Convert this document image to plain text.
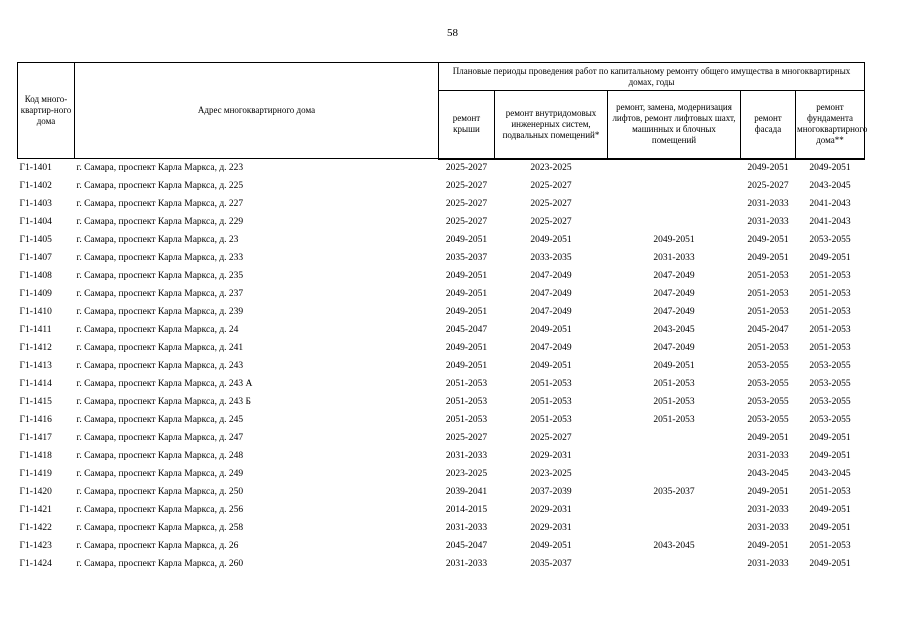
58
Код много-квартир-ного дома	Адрес многоквартирного дома	Плановые периоды проведения работ по капитальному ремонту общего имущества в многоквартирных домах, годы				
		ремонт крыши	ремонт внутридомовых инженерных систем, подвальных помещений*	ремонт, замена, модернизация лифтов, ремонт лифтовых шахт, машинных и блочных помещений	ремонт фасада	ремонт фундамента многоквартирного дома**
Г1-1401	г. Самара, проспект Карла Маркса, д. 223	2025-2027	2023-2025		2049-2051	2049-2051
Г1-1402	г. Самара, проспект Карла Маркса, д. 225	2025-2027	2025-2027		2025-2027	2043-2045
Г1-1403	г. Самара, проспект Карла Маркса, д. 227	2025-2027	2025-2027		2031-2033	2041-2043
Г1-1404	г. Самара, проспект Карла Маркса, д. 229	2025-2027	2025-2027		2031-2033	2041-2043
Г1-1405	г. Самара, проспект Карла Маркса, д. 23	2049-2051	2049-2051	2049-2051	2049-2051	2053-2055
Г1-1407	г. Самара, проспект Карла Маркса, д. 233	2035-2037	2033-2035	2031-2033	2049-2051	2049-2051
Г1-1408	г. Самара, проспект Карла Маркса, д. 235	2049-2051	2047-2049	2047-2049	2051-2053	2051-2053
Г1-1409	г. Самара, проспект Карла Маркса, д. 237	2049-2051	2047-2049	2047-2049	2051-2053	2051-2053
Г1-1410	г. Самара, проспект Карла Маркса, д. 239	2049-2051	2047-2049	2047-2049	2051-2053	2051-2053
Г1-1411	г. Самара, проспект Карла Маркса, д. 24	2045-2047	2049-2051	2043-2045	2045-2047	2051-2053
Г1-1412	г. Самара, проспект Карла Маркса, д. 241	2049-2051	2047-2049	2047-2049	2051-2053	2051-2053
Г1-1413	г. Самара, проспект Карла Маркса, д. 243	2049-2051	2049-2051	2049-2051	2053-2055	2053-2055
Г1-1414	г. Самара, проспект Карла Маркса, д. 243 А	2051-2053	2051-2053	2051-2053	2053-2055	2053-2055
Г1-1415	г. Самара, проспект Карла Маркса, д. 243 Б	2051-2053	2051-2053	2051-2053	2053-2055	2053-2055
Г1-1416	г. Самара, проспект Карла Маркса, д. 245	2051-2053	2051-2053	2051-2053	2053-2055	2053-2055
Г1-1417	г. Самара, проспект Карла Маркса, д. 247	2025-2027	2025-2027		2049-2051	2049-2051
Г1-1418	г. Самара, проспект Карла Маркса, д. 248	2031-2033	2029-2031		2031-2033	2049-2051
Г1-1419	г. Самара, проспект Карла Маркса, д. 249	2023-2025	2023-2025		2043-2045	2043-2045
Г1-1420	г. Самара, проспект Карла Маркса, д. 250	2039-2041	2037-2039	2035-2037	2049-2051	2051-2053
Г1-1421	г. Самара, проспект Карла Маркса, д. 256	2014-2015	2029-2031		2031-2033	2049-2051
Г1-1422	г. Самара, проспект Карла Маркса, д. 258	2031-2033	2029-2031		2031-2033	2049-2051
Г1-1423	г. Самара, проспект Карла Маркса, д. 26	2045-2047	2049-2051	2043-2045	2049-2051	2051-2053
Г1-1424	г. Самара, проспект Карла Маркса, д. 260	2031-2033	2035-2037		2031-2033	2049-2051
